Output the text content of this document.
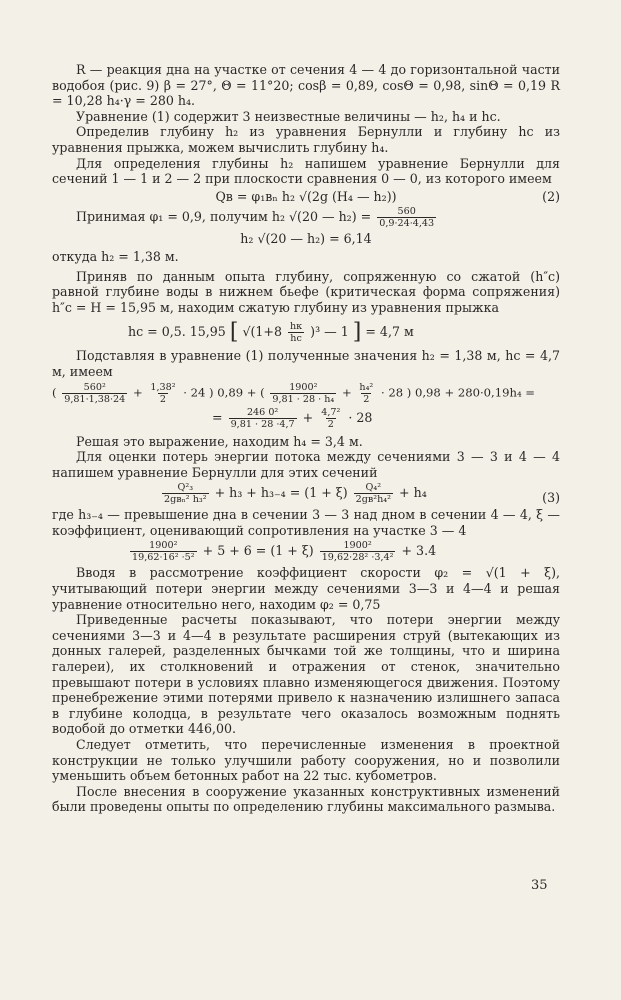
R — реакция дна на участке от сечения 4 — 4 до горизонтальной части водобоя (рис. 9) β = 27°, Θ = 11°20; cosβ = 0,89, cosΘ = 0,98, sinΘ = 0,19 R = 10,28 h₄·γ = 280 h₄.

Уравнение (1) содержит 3 неизвестные величины — h₂, h₄ и hc.

Определив глубину h₂ из уравнения Бернулли и глубину hc из уравнения прыжка, можем вычислить глубину h₄.

Для определения глубины h₂ напишем уравнение Бернулли для сечений 1 — 1 и 2 — 2 при плоскости сравнения 0 — 0, из которого имеем

Qв = φ₁вₙ h₂ √(2g (H₄ — h₂))	(2)
Принимая φ₁ = 0,9, получим h₂ √(20 — $h_2) = \frac{560}{0,9\cdot 24\cdot 4,43}$
h₂ √(20 — h₂) = 6,14

откуда h₂ = 1,38 м.

Приняв по данным опыта глубину, сопряженную со сжатой (h″c) равной глубине воды в нижнем бьефе (критическая форма сопряжения) h″c = H = 15,95 м, находим сжатую глубину из уравнения прыжка

hc = 0,5. 15,95 [ $√(1+8 \frac{hк}{hc} )^3$ — 1 ] = 4,7 м

Подставляя в уравнение (1) полученные значения h₂ = 1,38 м, hc = 4,7 м, имеем

( $\frac{\text{560²}}{9,81\cdot 1,38\cdot 24} + \frac{\text{1,38²}}{2} \cdot 24$ ) 0,89 + ( $\frac{\text{1900²}}{\text{9,81 · 28 · h₄}} + \frac{\text{h₄²}}{2} \cdot 28$ ) 0,98 + 280·0,19h₄ =
= $\frac{\text{246 0²}}{9,81 \cdot 28 \cdot 4,7} + \frac{\text{4,7²}}{2} \cdot 28$

Решая это выражение, находим h₄ = 3,4 м.

Для оценки потерь энергии потока между сечениями 3 — 3 и 4 — 4 напишем уравнение Бернулли для этих сечений

$\frac{\text{Q²₃}}{\text{2gвₙ² h₃²}} + h_3 + h_{3-4} = (1 + \xi) \frac{\text{Q₄²}}{\text{2gв²h₄²}} + h_4$	(3)

где h₃₋₄ — превышение дна в сечении 3 — 3 над дном в сечении 4 — 4, ξ — коэффициент, оценивающий сопротивления на участке 3 — 4

$\frac{\text{1900²}}{\text{19,62·16² ·5²}} + 5 + 6 = (1 + \xi) \frac{\text{1900²}}{\text{19,62·28² ·3,4²}} + 3.4$

Вводя в рассмотрение коэффициент скорости φ₂ = √(1 + ξ), учитывающий потери энергии между сечениями 3—3 и 4—4 и решая уравнение относительно него, находим φ₂ = 0,75

Приведенные расчеты показывают, что потери энергии между сечениями 3—3 и 4—4 в результате расширения струй (вытекающих из донных галерей, разделенных бычками той же толщины, что и ширина галереи), их столкновений и отражения от стенок, значительно превышают потери в условиях плавно изменяющегося движения. Поэтому пренебрежение этими потерями привело к назначению излишнего запаса в глубине колодца, в результате чего оказалось возможным поднять водобой до отметки 446,00.

Следует отметить, что перечисленные изменения в проектной конструкции не только улучшили работу сооружения, но и позволили уменьшить объем бетонных работ на 22 тыс. кубометров.

После внесения в сооружение указанных конструктивных изменений были проведены опыты по определению глубины максимального размыва.

35
